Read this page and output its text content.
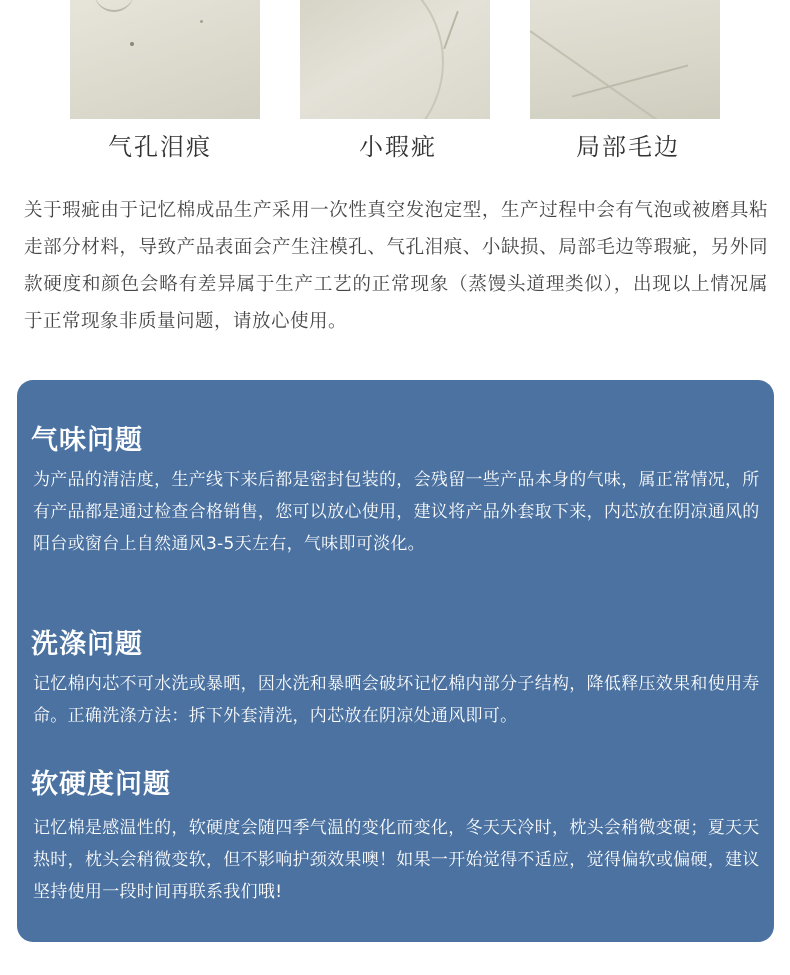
气孔泪痕	小瑕疵	局部毛边
关于瑕疵由于记忆棉成品生产采用一次性真空发泡定型，生产过程中会有气泡或被磨具粘走部分材料，导致产品表面会产生注模孔、气孔泪痕、小缺损、局部毛边等瑕疵，另外同款硬度和颜色会略有差异属于生产工艺的正常现象（蒸馒头道理类似），出现以上情况属于正常现象非质量问题，请放心使用。
气味问题
为产品的清洁度，生产线下来后都是密封包装的，会残留一些产品本身的气味，属正常情况，所有产品都是通过检查合格销售，您可以放心使用，建议将产品外套取下来，内芯放在阴凉通风的阳台或窗台上自然通风3-5天左右，气味即可淡化。
洗涤问题
记忆棉内芯不可水洗或暴晒，因水洗和暴晒会破坏记忆棉内部分子结构，降低释压效果和使用寿命。正确洗涤方法：拆下外套清洗，内芯放在阴凉处通风即可。
软硬度问题
记忆棉是感温性的，软硬度会随四季气温的变化而变化，冬天天冷时，枕头会稍微变硬；夏天天热时，枕头会稍微变软，但不影响护颈效果噢！如果一开始觉得不适应，觉得偏软或偏硬，建议坚持使用一段时间再联系我们哦!
